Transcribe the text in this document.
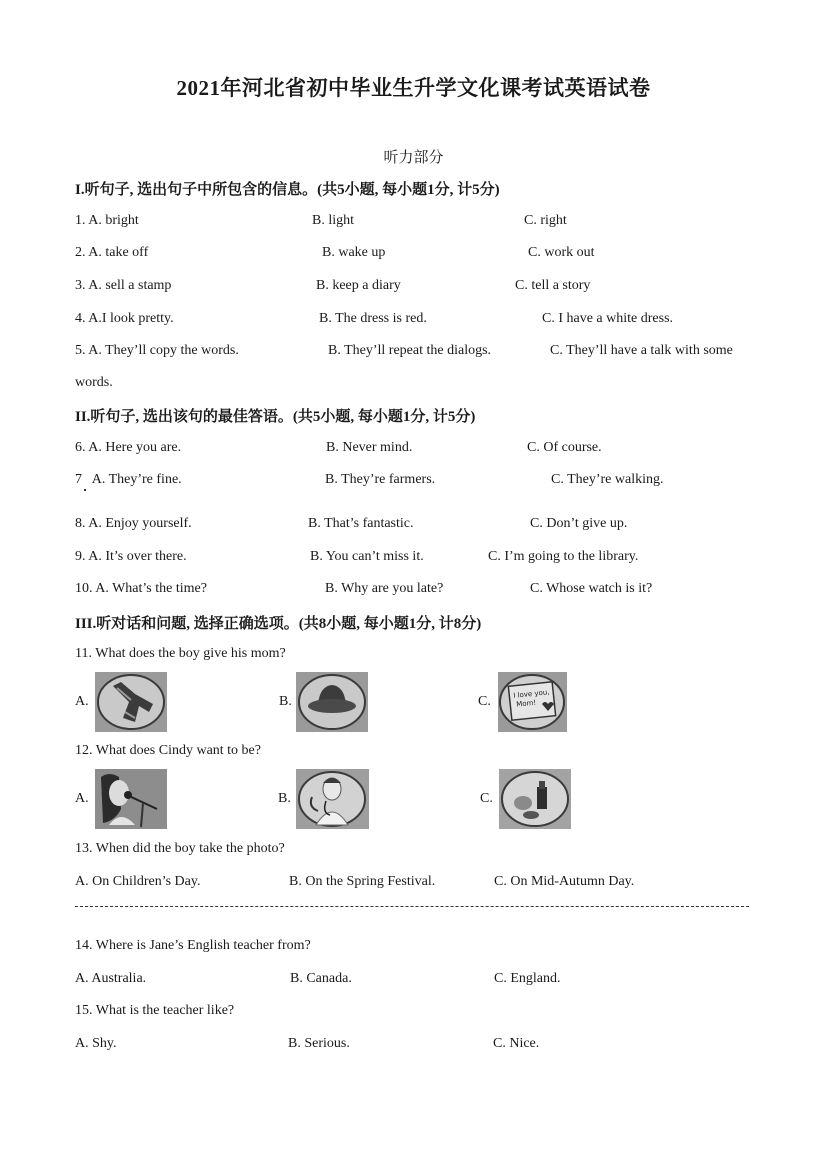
2021年河北省初中毕业生升学文化课考试英语试卷
听力部分
I.听句子, 选出句子中所包含的信息。(共5小题, 每小题1分, 计5分)
1. A. bright	B. light	C. right
2. A. take off	B. wake up	C. work out
3. A. sell a stamp	B. keep a diary	C. tell a story
4. A.I look pretty.	B. The dress is red.	C. I have a white dress.
5. A. They’ll copy the words.	B. They’ll repeat the dialogs.	C. They’ll have a talk with some
words.
II.听句子, 选出该句的最佳答语。(共5小题, 每小题1分, 计5分)
6. A. Here you are.	B. Never mind.	C. Of course.
7   A. They’re fine.	B. They’re farmers.	C. They’re walking.
8. A. Enjoy yourself.	B. That’s fantastic.	C. Don’t give up.
9. A. It’s over there.	B. You can’t miss it.	C. I’m going to the library.
10. A. What’s the time?	B. Why are you late?	C. Whose watch is it?
III.听对话和问题, 选择正确选项。(共8小题, 每小题1分, 计8分)
11. What does the boy give his mom?
A.	B.	C.	I love you,
Mom!
12. What does Cindy want to be?
A.	B.	C.
13. When did the boy take the photo?
A. On Children’s Day.	B. On the Spring Festival.	C. On Mid-Autumn Day.
14. Where is Jane’s English teacher from?
A. Australia.	B. Canada.	C. England.
15. What is the teacher like?
A. Shy.	B. Serious.	C. Nice.
